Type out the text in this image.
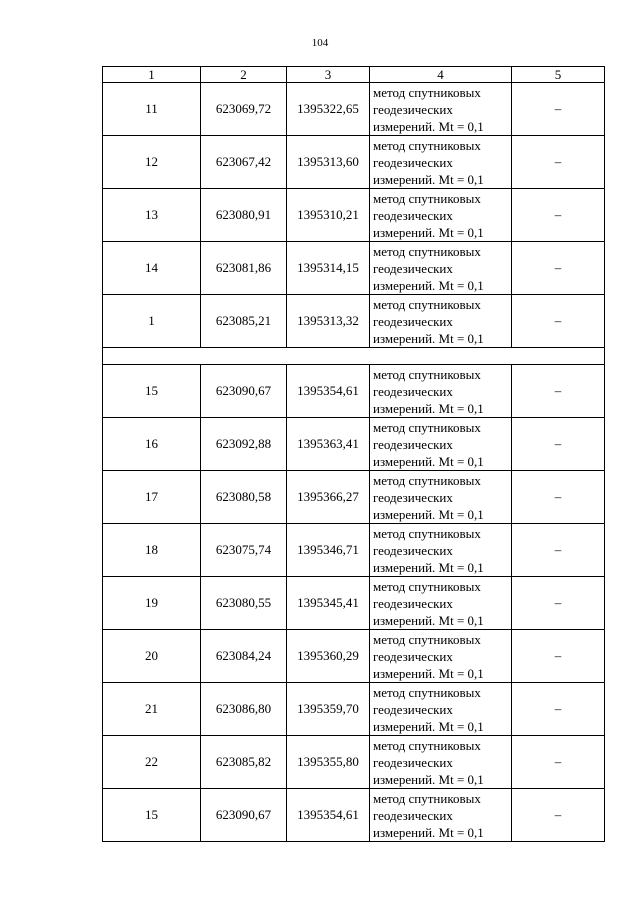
104
1	2	3	4	5
11	623069,72	1395322,65	метод спутниковых
геодезических
измерений. Mt = 0,1	–
12	623067,42	1395313,60	метод спутниковых
геодезических
измерений. Mt = 0,1	–
13	623080,91	1395310,21	метод спутниковых
геодезических
измерений. Mt = 0,1	–
14	623081,86	1395314,15	метод спутниковых
геодезических
измерений. Mt = 0,1	–
1	623085,21	1395313,32	метод спутниковых
геодезических
измерений. Mt = 0,1	–

15	623090,67	1395354,61	метод спутниковых
геодезических
измерений. Mt = 0,1	–
16	623092,88	1395363,41	метод спутниковых
геодезических
измерений. Mt = 0,1	–
17	623080,58	1395366,27	метод спутниковых
геодезических
измерений. Mt = 0,1	–
18	623075,74	1395346,71	метод спутниковых
геодезических
измерений. Mt = 0,1	–
19	623080,55	1395345,41	метод спутниковых
геодезических
измерений. Mt = 0,1	–
20	623084,24	1395360,29	метод спутниковых
геодезических
измерений. Mt = 0,1	–
21	623086,80	1395359,70	метод спутниковых
геодезических
измерений. Mt = 0,1	–
22	623085,82	1395355,80	метод спутниковых
геодезических
измерений. Mt = 0,1	–
15	623090,67	1395354,61	метод спутниковых
геодезических
измерений. Mt = 0,1	–
